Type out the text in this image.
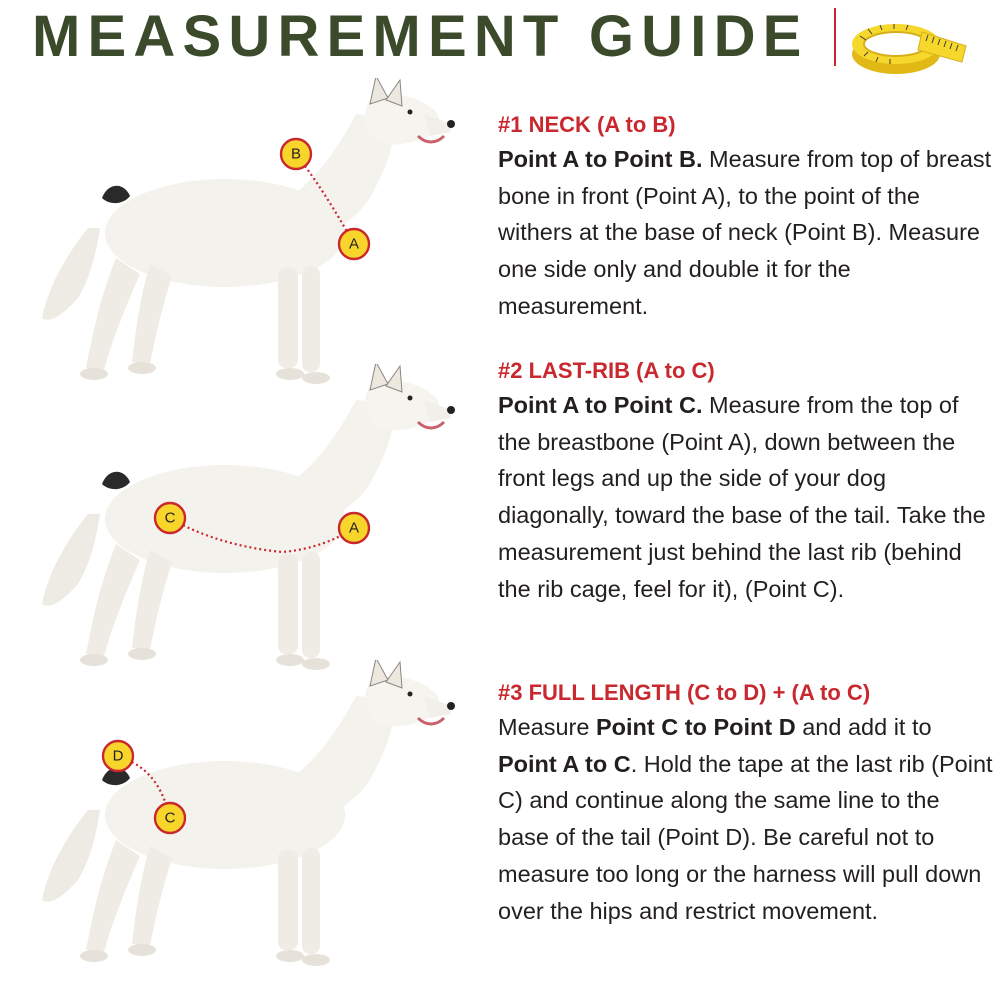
MEASUREMENT GUIDE
B
A
C
A
D
C

#1 NECK (A to B)

Point A to Point B. Measure from top of breast bone in front (Point A), to the point of the withers at the base of neck (Point B). Measure one side only and double it for the measurement.

#2 LAST-RIB (A to C)

Point A to Point C. Measure from the top of the breastbone (Point A), down between the front legs and up the side of your dog diagonally, toward the base of the tail. Take the measurement just behind the last rib (behind the rib cage, feel for it), (Point C).

#3 FULL LENGTH (C to D) + (A to C)

Measure Point C to Point D and add it to Point A to C. Hold the tape at the last rib (Point C) and continue along the same line to the base of the tail (Point D). Be careful not to measure too long or the harness will pull down over the hips and restrict movement.
